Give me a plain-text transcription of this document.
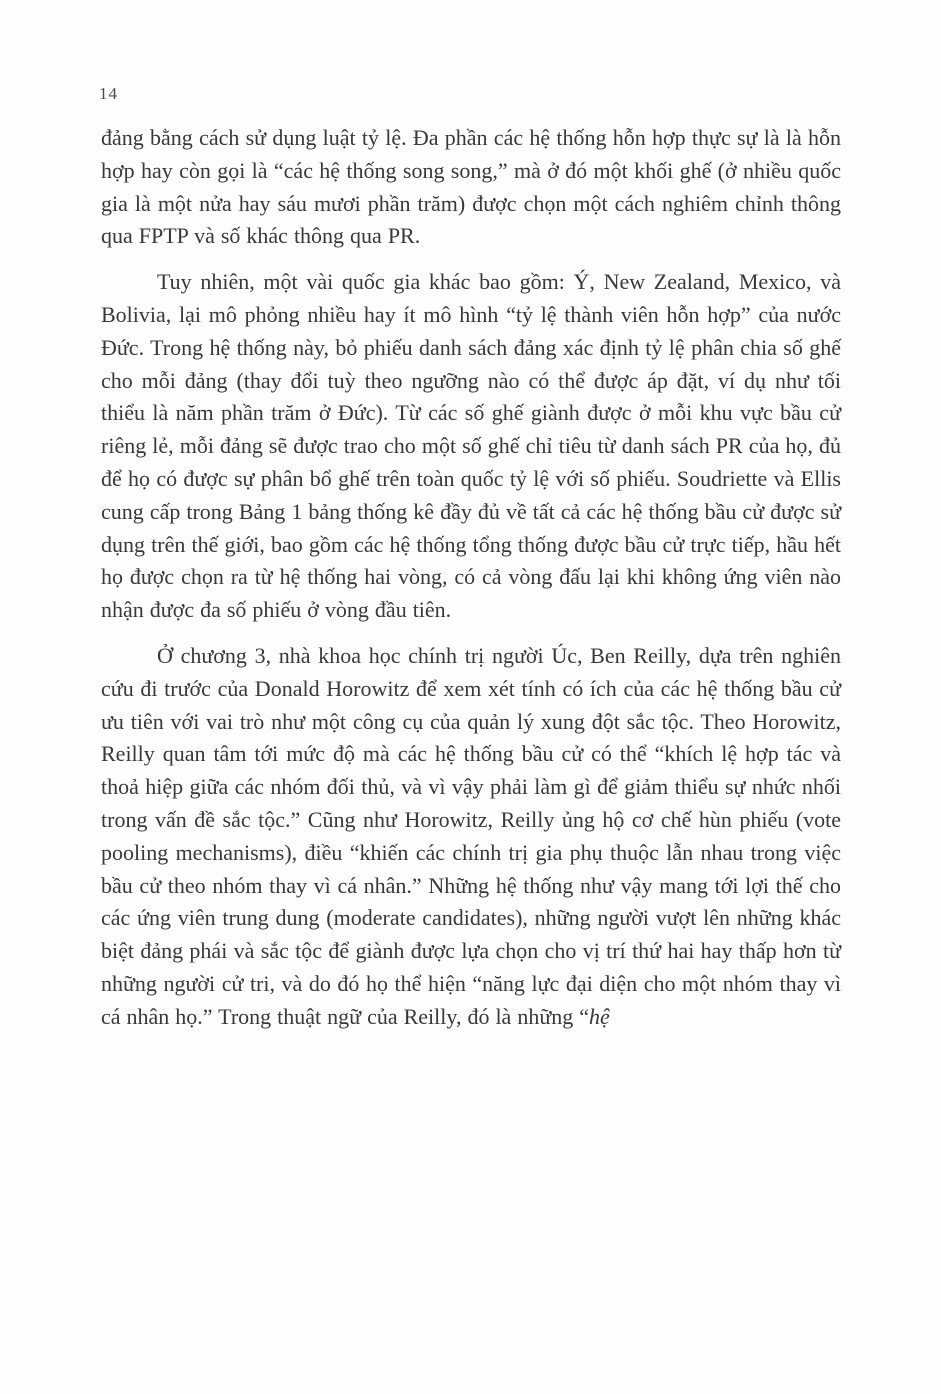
14

đảng bằng cách sử dụng luật tỷ lệ. Đa phần các hệ thống hỗn hợp thực sự là là hỗn hợp hay còn gọi là “các hệ thống song song,” mà ở đó một khối ghế (ở nhiều quốc gia là một nửa hay sáu mươi phần trăm) được chọn một cách nghiêm chỉnh thông qua FPTP và số khác thông qua PR.

Tuy nhiên, một vài quốc gia khác bao gồm: Ý, New Zealand, Mexico, và Bolivia, lại mô phỏng nhiều hay ít mô hình “tỷ lệ thành viên hỗn hợp” của nước Đức. Trong hệ thống này, bỏ phiếu danh sách đảng xác định tỷ lệ phân chia số ghế cho mỗi đảng (thay đổi tuỳ theo ngưỡng nào có thể được áp đặt, ví dụ như tối thiểu là năm phần trăm ở Đức). Từ các số ghế giành được ở mỗi khu vực bầu cử riêng lẻ, mỗi đảng sẽ được trao cho một số ghế chỉ tiêu từ danh sách PR của họ, đủ để họ có được sự phân bổ ghế trên toàn quốc tỷ lệ với số phiếu. Soudriette và Ellis cung cấp trong Bảng 1 bảng thống kê đầy đủ về tất cả các hệ thống bầu cử được sử dụng trên thế giới, bao gồm các hệ thống tổng thống được bầu cử trực tiếp, hầu hết họ được chọn ra từ hệ thống hai vòng, có cả vòng đấu lại khi không ứng viên nào nhận được đa số phiếu ở vòng đầu tiên.

Ở chương 3, nhà khoa học chính trị người Úc, Ben Reilly, dựa trên nghiên cứu đi trước của Donald Horowitz để xem xét tính có ích của các hệ thống bầu cử ưu tiên với vai trò như một công cụ của quản lý xung đột sắc tộc. Theo Horowitz, Reilly quan tâm tới mức độ mà các hệ thống bầu cử có thể “khích lệ hợp tác và thoả hiệp giữa các nhóm đối thủ, và vì vậy phải làm gì để giảm thiểu sự nhức nhối trong vấn đề sắc tộc.” Cũng như Horowitz, Reilly ủng hộ cơ chế hùn phiếu (vote pooling mechanisms), điều “khiến các chính trị gia phụ thuộc lẫn nhau trong việc bầu cử theo nhóm thay vì cá nhân.” Những hệ thống như vậy mang tới lợi thế cho các ứng viên trung dung (moderate candidates), những người vượt lên những khác biệt đảng phái và sắc tộc để giành được lựa chọn cho vị trí thứ hai hay thấp hơn từ những người cử tri, và do đó họ thể hiện “năng lực đại diện cho một nhóm thay vì cá nhân họ.” Trong thuật ngữ của Reilly, đó là những “hệ
